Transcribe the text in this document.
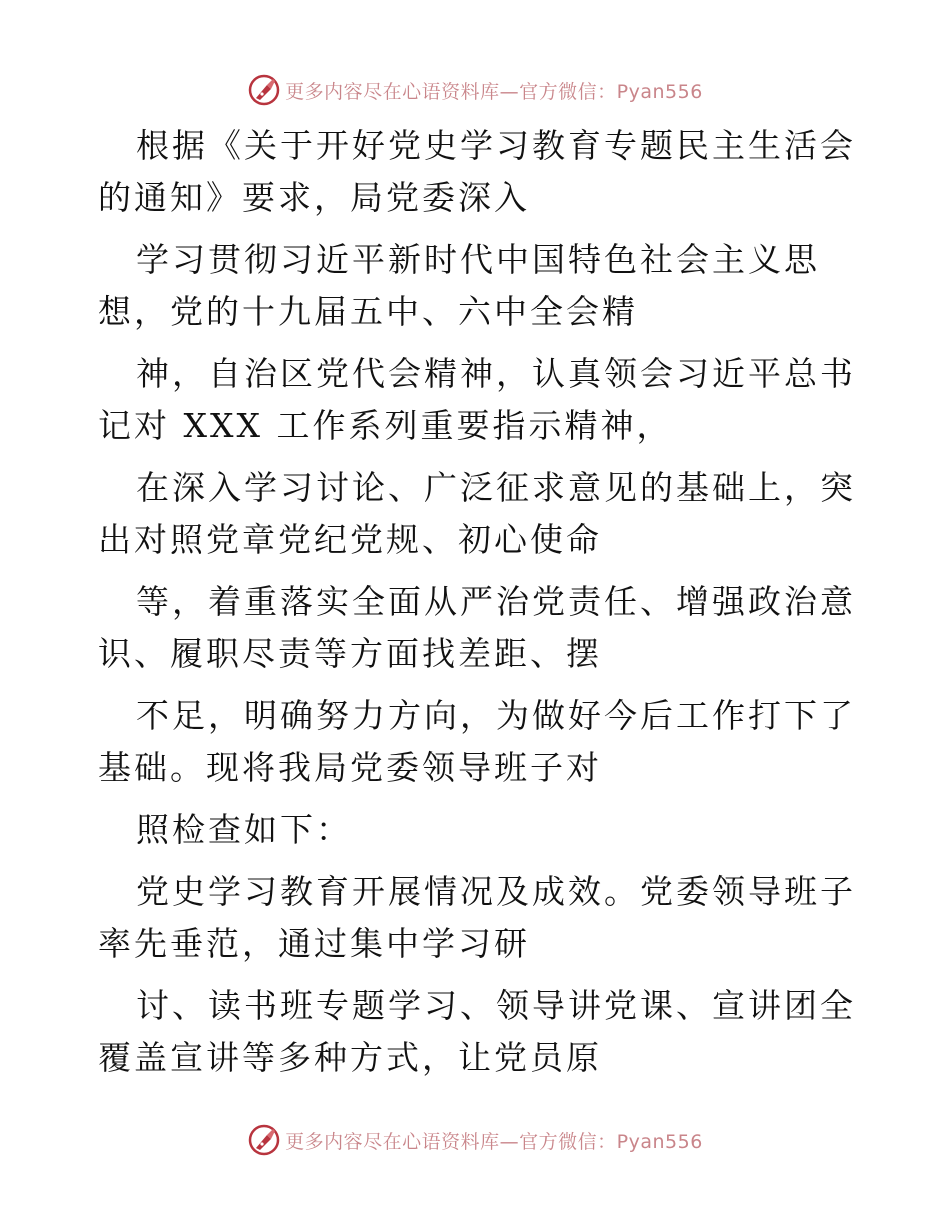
更多内容尽在心语资料库—官方微信：Pyan556

根据《关于开好党史学习教育专题民主生活会的通知》要求，局党委深入

学习贯彻习近平新时代中国特色社会主义思想，党的十九届五中、六中全会精

神，自治区党代会精神，认真领会习近平总书记对 XXX 工作系列重要指示精神，

在深入学习讨论、广泛征求意见的基础上，突出对照党章党纪党规、初心使命

等，着重落实全面从严治党责任、增强政治意识、履职尽责等方面找差距、摆

不足，明确努力方向，为做好今后工作打下了基础。现将我局党委领导班子对

照检查如下：

党史学习教育开展情况及成效。党委领导班子率先垂范，通过集中学习研

讨、读书班专题学习、领导讲党课、宣讲团全覆盖宣讲等多种方式，让党员原

更多内容尽在心语资料库—官方微信：Pyan556
